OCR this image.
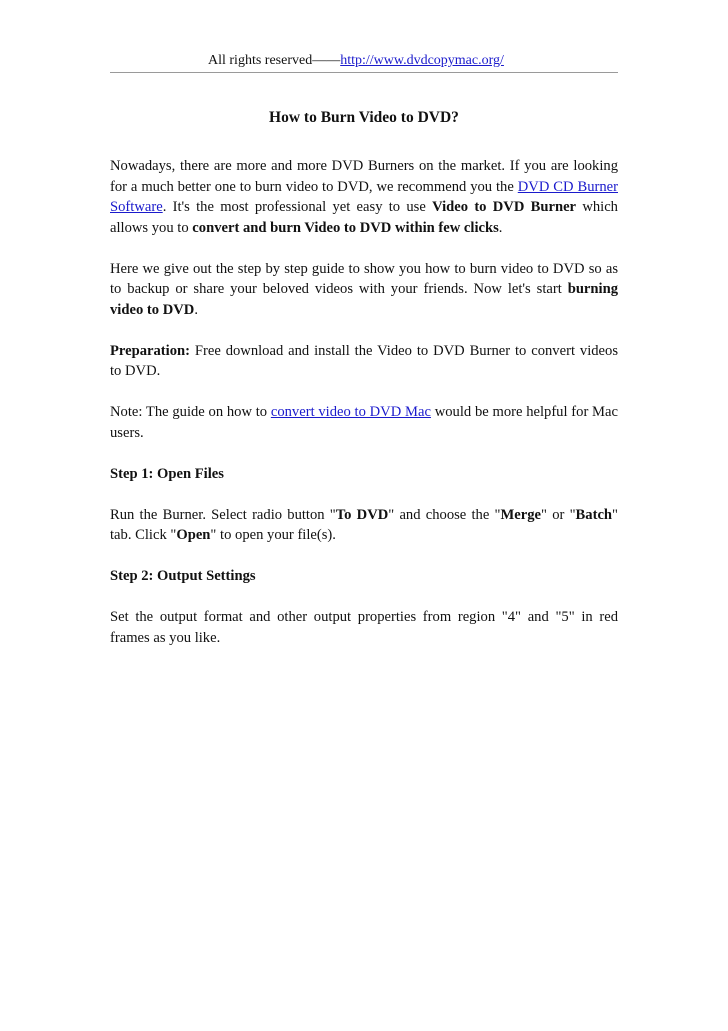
All rights reserved——http://www.dvdcopymac.org/
How to Burn Video to DVD?

Nowadays, there are more and more DVD Burners on the market. If you are looking for a much better one to burn video to DVD, we recommend you the DVD CD Burner Software. It's the most professional yet easy to use Video to DVD Burner which allows you to convert and burn Video to DVD within few clicks.

Here we give out the step by step guide to show you how to burn video to DVD so as to backup or share your beloved videos with your friends. Now let's start burning video to DVD.

Preparation: Free download and install the Video to DVD Burner to convert videos to DVD.

Note: The guide on how to convert video to DVD Mac would be more helpful for Mac users.

Step 1: Open Files

Run the Burner. Select radio button "To DVD" and choose the "Merge" or "Batch" tab. Click "Open" to open your file(s).

Step 2: Output Settings

Set the output format and other output properties from region "4" and "5" in red frames as you like.
